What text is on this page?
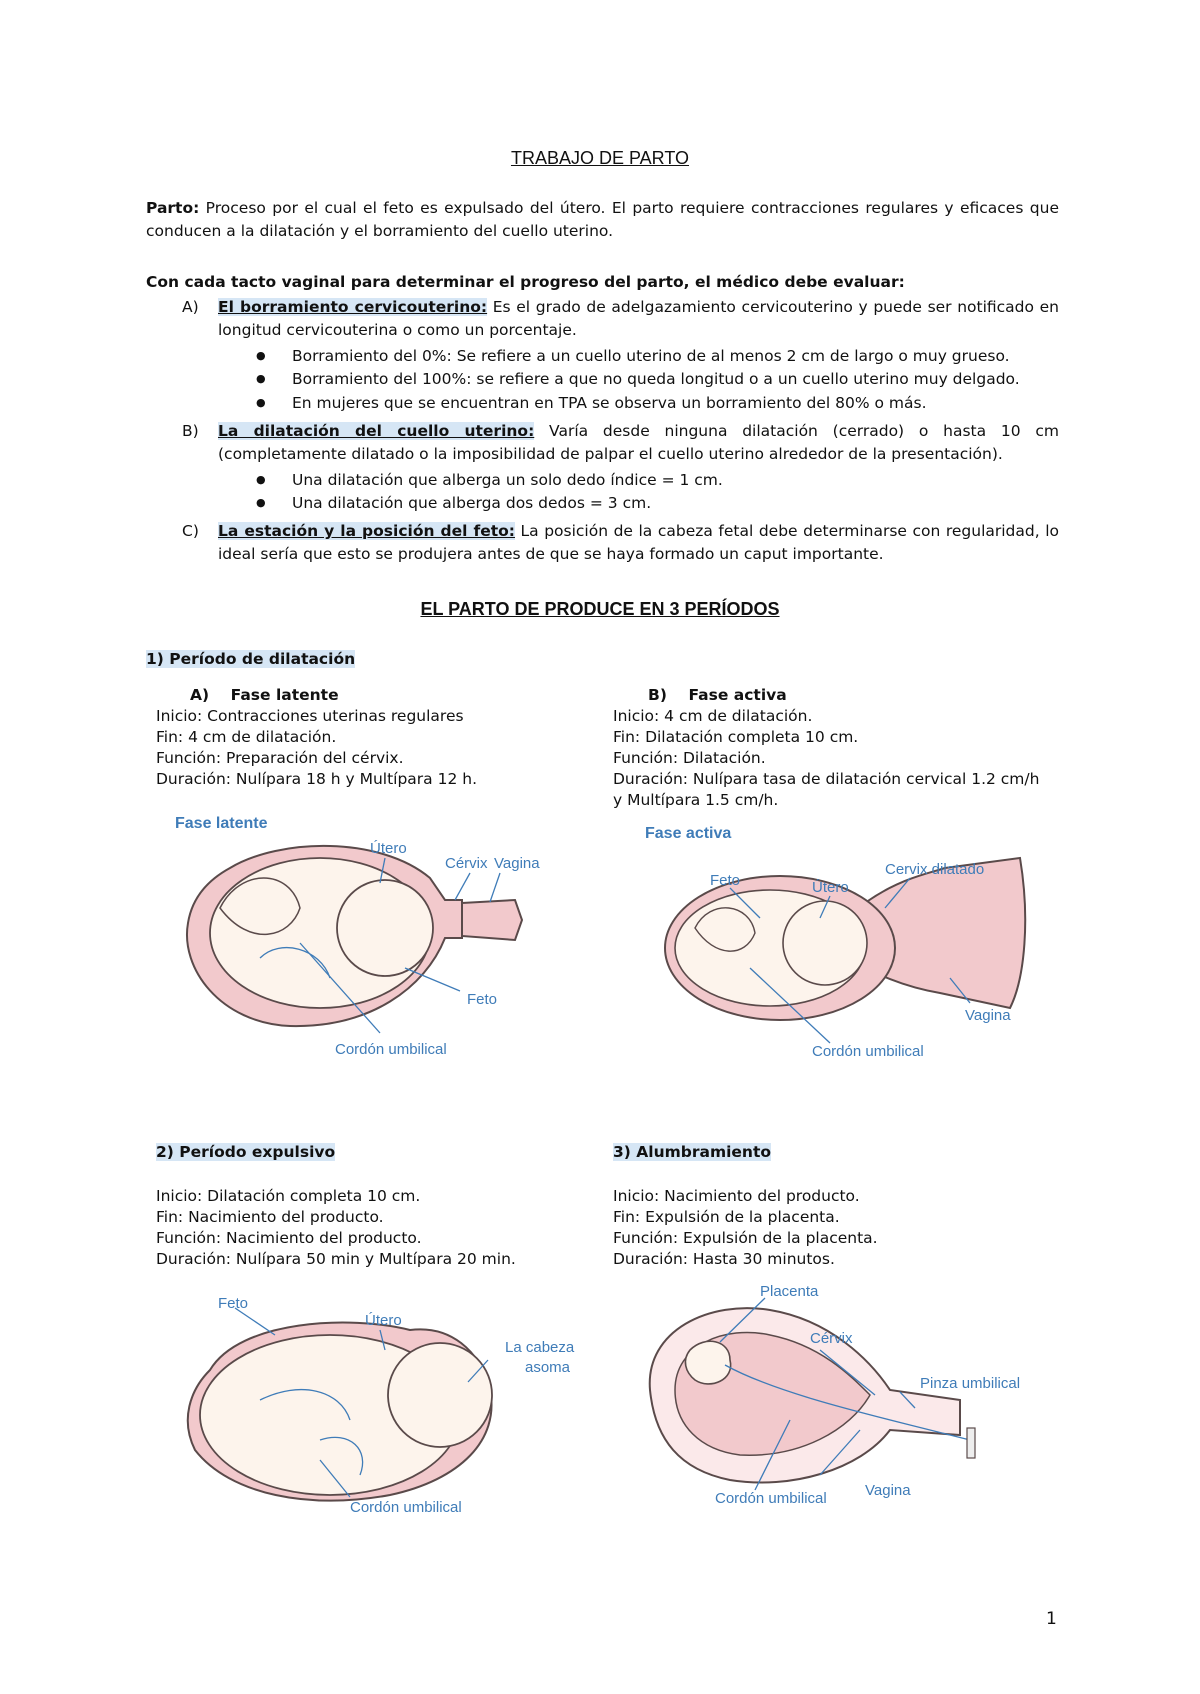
TRABAJO DE PARTO
Parto: Proceso por el cual el feto es expulsado del útero. El parto requiere contracciones regulares y eficaces que conducen a la dilatación y el borramiento del cuello uterino.
Con cada tacto vaginal para determinar el progreso del parto, el médico debe evaluar:
A) El borramiento cervicouterino: Es el grado de adelgazamiento cervicouterino y puede ser notificado en longitud cervicouterina o como un porcentaje.
● Borramiento del 0%: Se refiere a un cuello uterino de al menos 2 cm de largo o muy grueso.
● Borramiento del 100%: se refiere a que no queda longitud o a un cuello uterino muy delgado.
● En mujeres que se encuentran en TPA se observa un borramiento del 80% o más.
B) La dilatación del cuello uterino: Varía desde ninguna dilatación (cerrado) o hasta 10 cm (completamente dilatado o la imposibilidad de palpar el cuello uterino alrededor de la presentación).
● Una dilatación que alberga un solo dedo índice = 1 cm.
● Una dilatación que alberga dos dedos = 3 cm.
C) La estación y la posición del feto: La posición de la cabeza fetal debe determinarse con regularidad, lo ideal sería que esto se produjera antes de que se haya formado un caput importante.
EL PARTO DE PRODUCE EN 3 PERÍODOS
1) Período de dilatación
A)    Fase latente
Inicio: Contracciones uterinas regulares
Fin: 4 cm de dilatación.
Función: Preparación del cérvix.
Duración: Nulípara 18 h y Multípara 12 h.
B)    Fase activa
Inicio: 4 cm de dilatación.
Fin: Dilatación completa 10 cm.
Función: Dilatación.
Duración: Nulípara tasa de dilatación cervical 1.2 cm/h y Multípara 1.5 cm/h.
Fase latente
Útero
Cérvix Vagina
Feto
Cordón umbilical
Fase activa
Feto	Útero
Cervix dilatado
Vagina
Cordón umbilical
2) Período expulsivo
Inicio: Dilatación completa 10 cm.
Fin: Nacimiento del producto.
Función: Nacimiento del producto.
Duración: Nulípara 50 min y Multípara 20 min.
3) Alumbramiento
Inicio: Nacimiento del producto.
Fin: Expulsión de la placenta.
Función: Expulsión de la placenta.
Duración: Hasta 30 minutos.
Feto
Útero
La cabeza
asoma
Cordón umbilical
Placenta
Cérvix
Pinza umbilical
Cordón umbilical	Vagina
1
